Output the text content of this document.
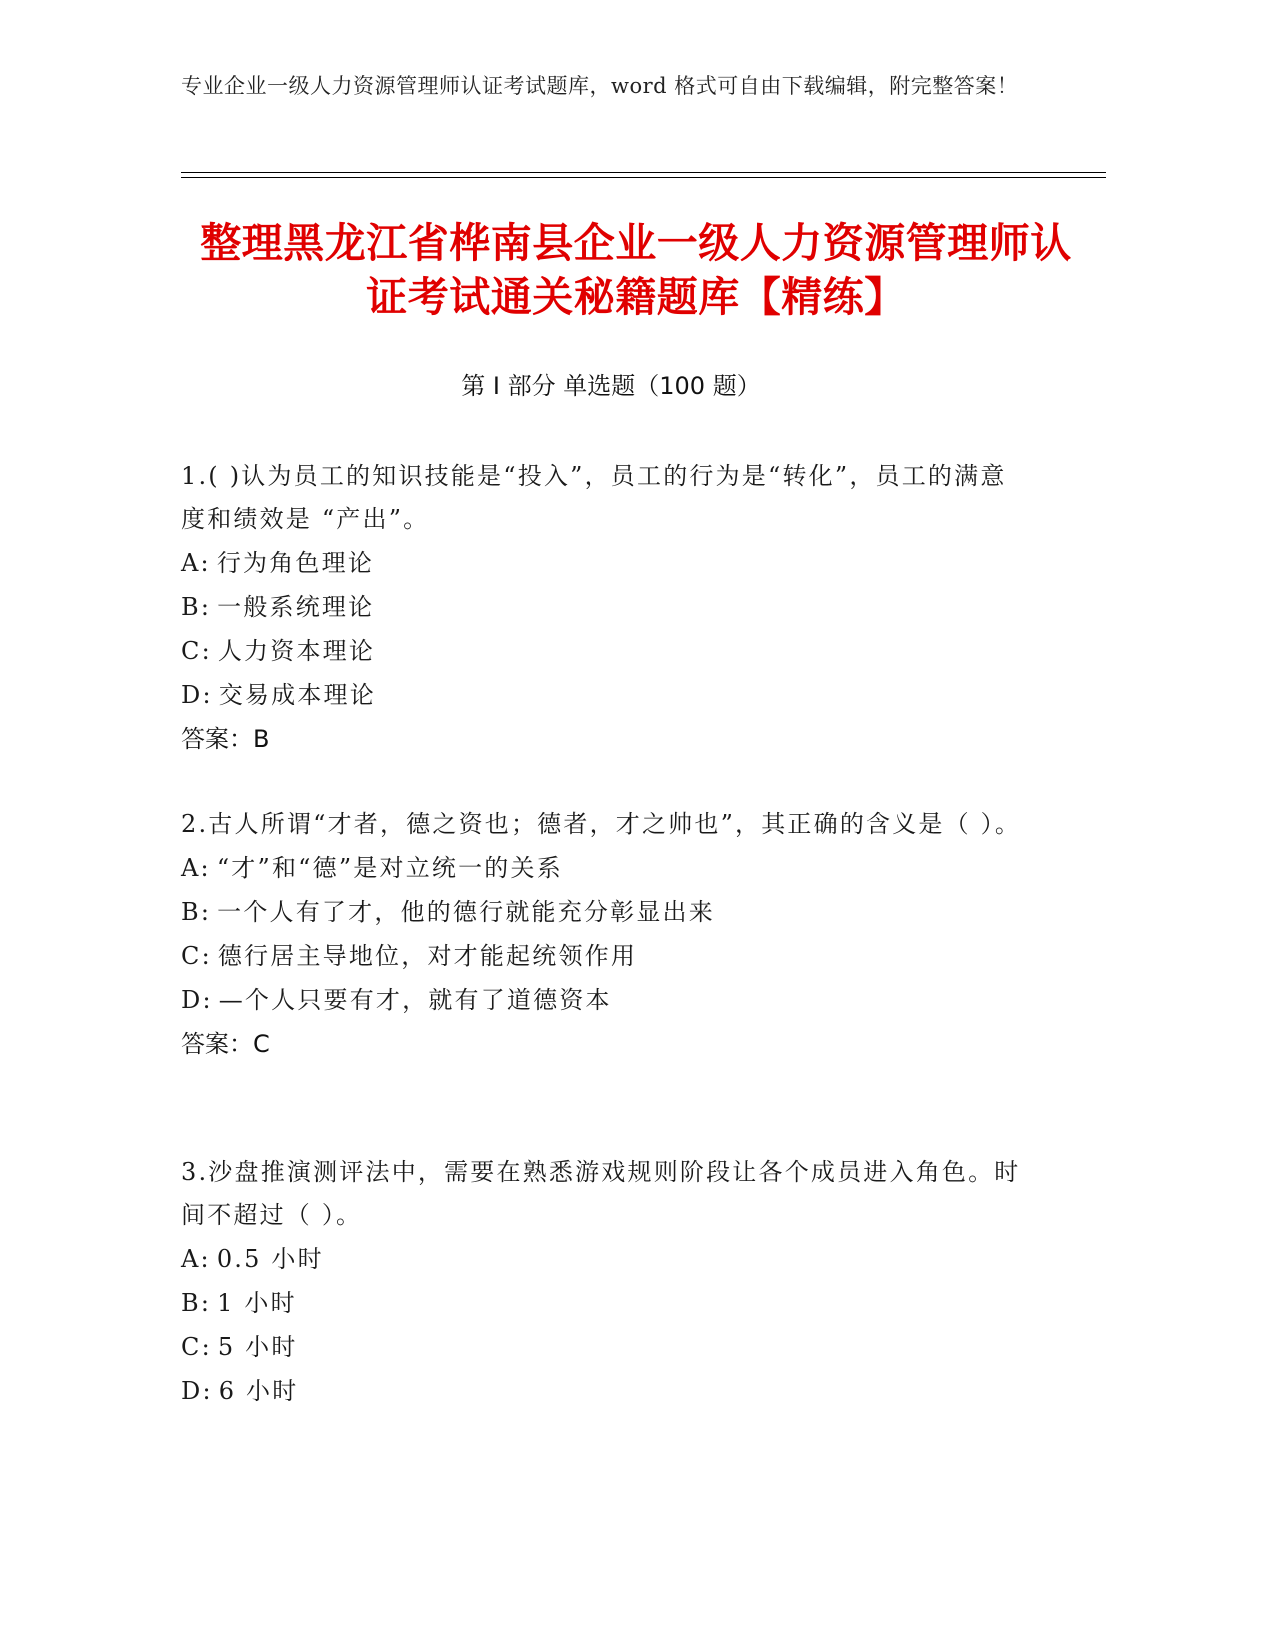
专业企业一级人力资源管理师认证考试题库，word 格式可自由下载编辑，附完整答案！
整理黑龙江省桦南县企业一级人力资源管理师认证考试通关秘籍题库【精练】
第 I 部分 单选题（100 题）
1.( )认为员工的知识技能是“投入”，员工的行为是“转化”，员工的满意度和绩效是 “产出”。
A: 行为角色理论
B: 一般系统理论
C: 人力资本理论
D: 交易成本理论
答案：B
2.古人所谓“才者，德之资也；德者，才之帅也”，其正确的含义是（ ）。
A: “才”和“德”是对立统一的关系
B: 一个人有了才，他的德行就能充分彰显出来
C: 德行居主导地位，对才能起统领作用
D: —个人只要有才，就有了道德资本
答案：C
3.沙盘推演测评法中，需要在熟悉游戏规则阶段让各个成员进入角色。时间不超过（ ）。
A: 0.5 小时
B: 1 小时
C: 5 小时
D: 6 小时
